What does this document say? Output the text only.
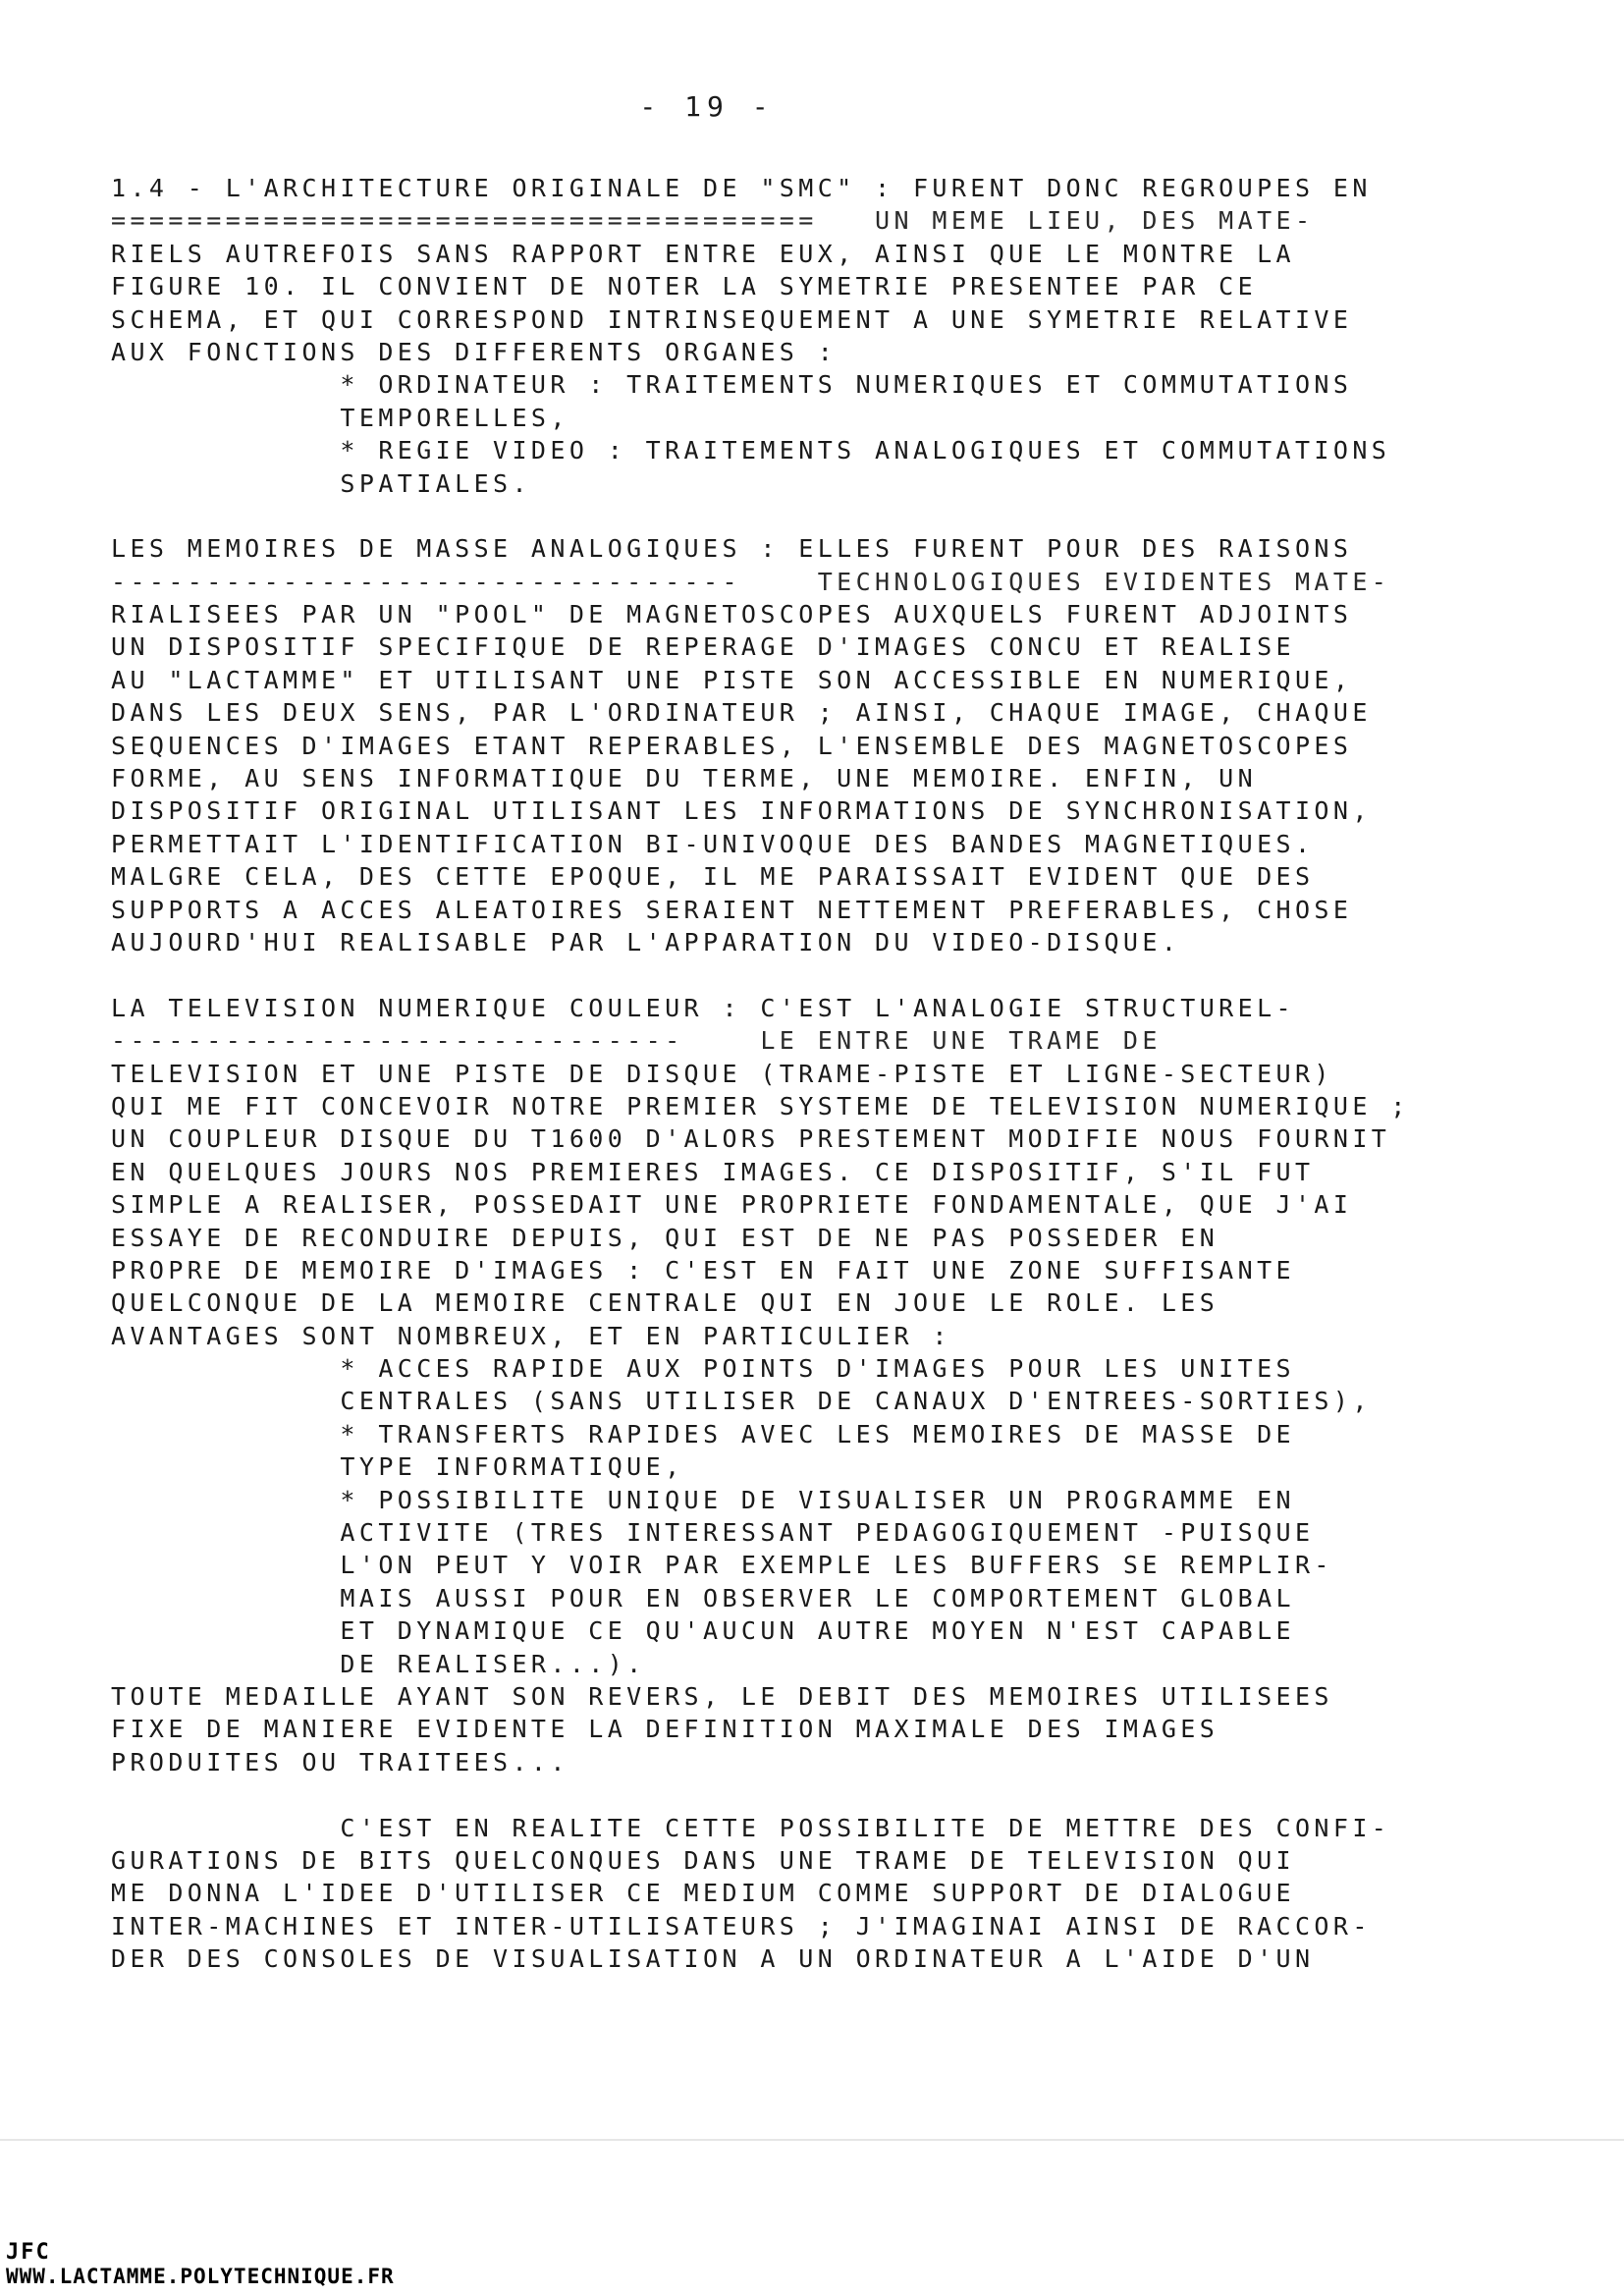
- 19 -
1.4 - L'ARCHITECTURE ORIGINALE DE "SMC" : FURENT DONC REGROUPES EN
=====================================   UN MEME LIEU, DES MATE-
RIELS AUTREFOIS SANS RAPPORT ENTRE EUX, AINSI QUE LE MONTRE LA
FIGURE 10. IL CONVIENT DE NOTER LA SYMETRIE PRESENTEE PAR CE
SCHEMA, ET QUI CORRESPOND INTRINSEQUEMENT A UNE SYMETRIE RELATIVE
AUX FONCTIONS DES DIFFERENTS ORGANES :
* ORDINATEUR : TRAITEMENTS NUMERIQUES ET COMMUTATIONS
TEMPORELLES,
* REGIE VIDEO : TRAITEMENTS ANALOGIQUES ET COMMUTATIONS
SPATIALES.
LES MEMOIRES DE MASSE ANALOGIQUES : ELLES FURENT POUR DES RAISONS
---------------------------------    TECHNOLOGIQUES EVIDENTES MATE-
RIALISEES PAR UN "POOL" DE MAGNETOSCOPES AUXQUELS FURENT ADJOINTS
UN DISPOSITIF SPECIFIQUE DE REPERAGE D'IMAGES CONCU ET REALISE
AU "LACTAMME" ET UTILISANT UNE PISTE SON ACCESSIBLE EN NUMERIQUE,
DANS LES DEUX SENS, PAR L'ORDINATEUR ; AINSI, CHAQUE IMAGE, CHAQUE
SEQUENCES D'IMAGES ETANT REPERABLES, L'ENSEMBLE DES MAGNETOSCOPES
FORME, AU SENS INFORMATIQUE DU TERME, UNE MEMOIRE. ENFIN, UN
DISPOSITIF ORIGINAL UTILISANT LES INFORMATIONS DE SYNCHRONISATION,
PERMETTAIT L'IDENTIFICATION BI-UNIVOQUE DES BANDES MAGNETIQUES.
MALGRE CELA, DES CETTE EPOQUE, IL ME PARAISSAIT EVIDENT QUE DES
SUPPORTS A ACCES ALEATOIRES SERAIENT NETTEMENT PREFERABLES, CHOSE
AUJOURD'HUI REALISABLE PAR L'APPARATION DU VIDEO-DISQUE.
LA TELEVISION NUMERIQUE COULEUR : C'EST L'ANALOGIE STRUCTUREL-
------------------------------    LE ENTRE UNE TRAME DE
TELEVISION ET UNE PISTE DE DISQUE (TRAME-PISTE ET LIGNE-SECTEUR)
QUI ME FIT CONCEVOIR NOTRE PREMIER SYSTEME DE TELEVISION NUMERIQUE ;
UN COUPLEUR DISQUE DU T1600 D'ALORS PRESTEMENT MODIFIE NOUS FOURNIT
EN QUELQUES JOURS NOS PREMIERES IMAGES. CE DISPOSITIF, S'IL FUT
SIMPLE A REALISER, POSSEDAIT UNE PROPRIETE FONDAMENTALE, QUE J'AI
ESSAYE DE RECONDUIRE DEPUIS, QUI EST DE NE PAS POSSEDER EN
PROPRE DE MEMOIRE D'IMAGES : C'EST EN FAIT UNE ZONE SUFFISANTE
QUELCONQUE DE LA MEMOIRE CENTRALE QUI EN JOUE LE ROLE. LES
AVANTAGES SONT NOMBREUX, ET EN PARTICULIER :
* ACCES RAPIDE AUX POINTS D'IMAGES POUR LES UNITES
CENTRALES (SANS UTILISER DE CANAUX D'ENTREES-SORTIES),
* TRANSFERTS RAPIDES AVEC LES MEMOIRES DE MASSE DE
TYPE INFORMATIQUE,
* POSSIBILITE UNIQUE DE VISUALISER UN PROGRAMME EN
ACTIVITE (TRES INTERESSANT PEDAGOGIQUEMENT -PUISQUE
L'ON PEUT Y VOIR PAR EXEMPLE LES BUFFERS SE REMPLIR-
MAIS AUSSI POUR EN OBSERVER LE COMPORTEMENT GLOBAL
ET DYNAMIQUE CE QU'AUCUN AUTRE MOYEN N'EST CAPABLE
DE REALISER...).
TOUTE MEDAILLE AYANT SON REVERS, LE DEBIT DES MEMOIRES UTILISEES
FIXE DE MANIERE EVIDENTE LA DEFINITION MAXIMALE DES IMAGES
PRODUITES OU TRAITEES...
C'EST EN REALITE CETTE POSSIBILITE DE METTRE DES CONFI-
GURATIONS DE BITS QUELCONQUES DANS UNE TRAME DE TELEVISION QUI
ME DONNA L'IDEE D'UTILISER CE MEDIUM COMME SUPPORT DE DIALOGUE
INTER-MACHINES ET INTER-UTILISATEURS ; J'IMAGINAI AINSI DE RACCOR-
DER DES CONSOLES DE VISUALISATION A UN ORDINATEUR A L'AIDE D'UN
JFC
WWW.LACTAMME.POLYTECHNIQUE.FR
